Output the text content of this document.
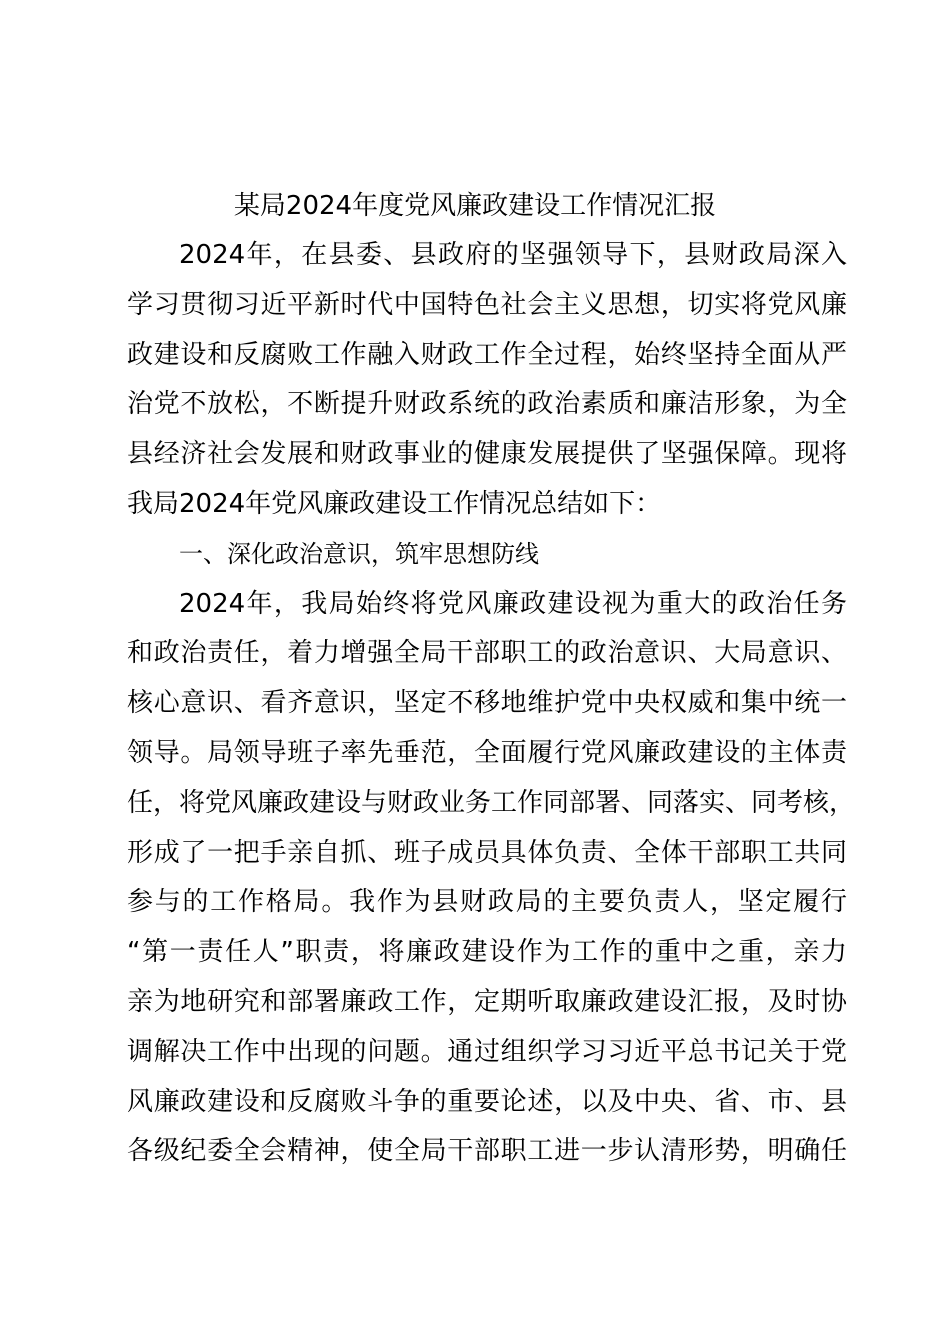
某局2024年度党风廉政建设工作情况汇报
2024年，在县委、县政府的坚强领导下，县财政局深入
学习贯彻习近平新时代中国特色社会主义思想，切实将党风廉
政建设和反腐败工作融入财政工作全过程，始终坚持全面从严
治党不放松，不断提升财政系统的政治素质和廉洁形象，为全
县经济社会发展和财政事业的健康发展提供了坚强保障。现将
我局2024年党风廉政建设工作情况总结如下：
一、深化政治意识，筑牢思想防线
2024年，我局始终将党风廉政建设视为重大的政治任务
和政治责任，着力增强全局干部职工的政治意识、大局意识、
核心意识、看齐意识，坚定不移地维护党中央权威和集中统一
领导。局领导班子率先垂范，全面履行党风廉政建设的主体责
任，将党风廉政建设与财政业务工作同部署、同落实、同考核，
形成了一把手亲自抓、班子成员具体负责、全体干部职工共同
参与的工作格局。我作为县财政局的主要负责人，坚定履行
“第一责任人”职责，将廉政建设作为工作的重中之重，亲力
亲为地研究和部署廉政工作，定期听取廉政建设汇报，及时协
调解决工作中出现的问题。通过组织学习习近平总书记关于党
风廉政建设和反腐败斗争的重要论述，以及中央、省、市、县
各级纪委全会精神，使全局干部职工进一步认清形势，明确任
